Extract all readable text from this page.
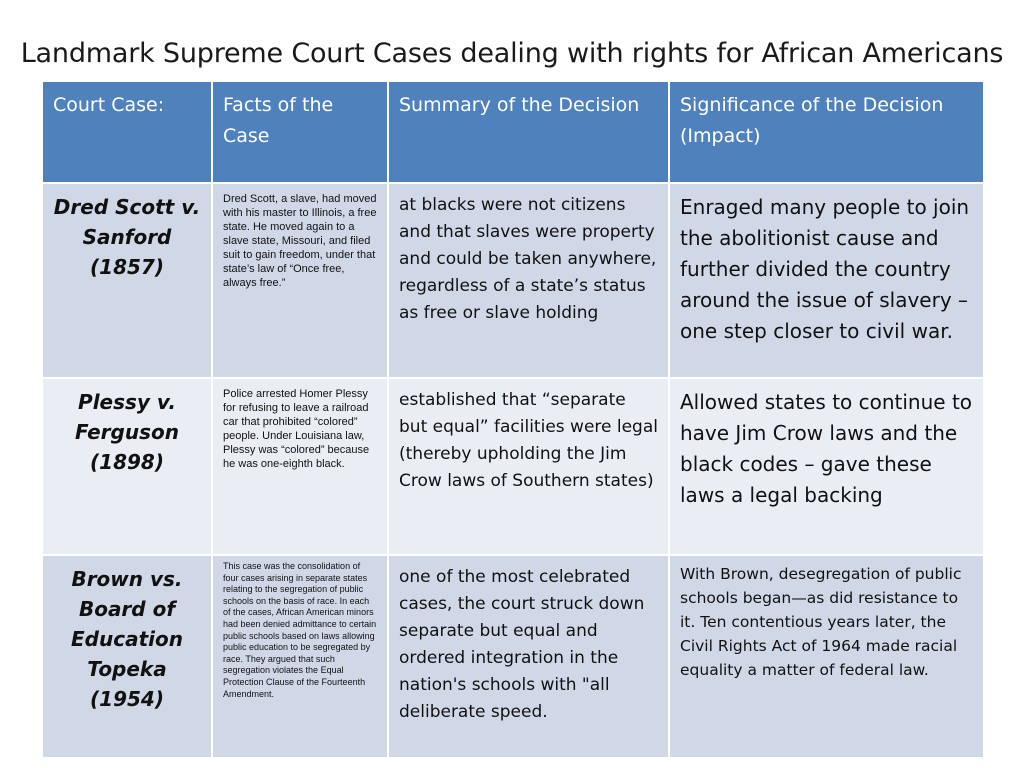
Landmark Supreme Court Cases dealing with rights for African Americans
Court Case:	Facts of the Case	Summary of the Decision	Significance of the Decision (Impact)
Dred Scott v. Sanford (1857)	Dred Scott, a slave, had moved with his master to Illinois, a free state. He moved again to a slave state, Missouri, and filed suit to gain freedom, under that state’s law of “Once free, always free.”	at blacks were not citizens and that slaves were property and could be taken anywhere, regardless of a state’s status as free or slave holding	Enraged many people to join the abolitionist cause and further divided the country around the issue of slavery – one step closer to civil war.
Plessy v. Ferguson (1898)	Police arrested Homer Plessy for refusing to leave a railroad car that prohibited “colored” people. Under Louisiana law, Plessy was “colored” because he was one-eighth black.	established that “separate but equal” facilities were legal (thereby upholding the Jim Crow laws of Southern states)	Allowed states to continue to have Jim Crow laws and the black codes – gave these laws a legal backing
Brown vs. Board of Education Topeka (1954)	This case was the consolidation of four cases arising in separate states relating to the segregation of public schools on the basis of race. In each of the cases, African American minors had been denied admittance to certain public schools based on laws allowing public education to be segregated by race. They argued that such segregation violates the Equal Protection Clause of the Fourteenth Amendment.	one of the most celebrated cases, the court struck down separate but equal and ordered integration in the nation's schools with "all deliberate speed.	With Brown, desegregation of public schools began—as did resistance to it. Ten contentious years later, the Civil Rights Act of 1964 made racial equality a matter of federal law.
